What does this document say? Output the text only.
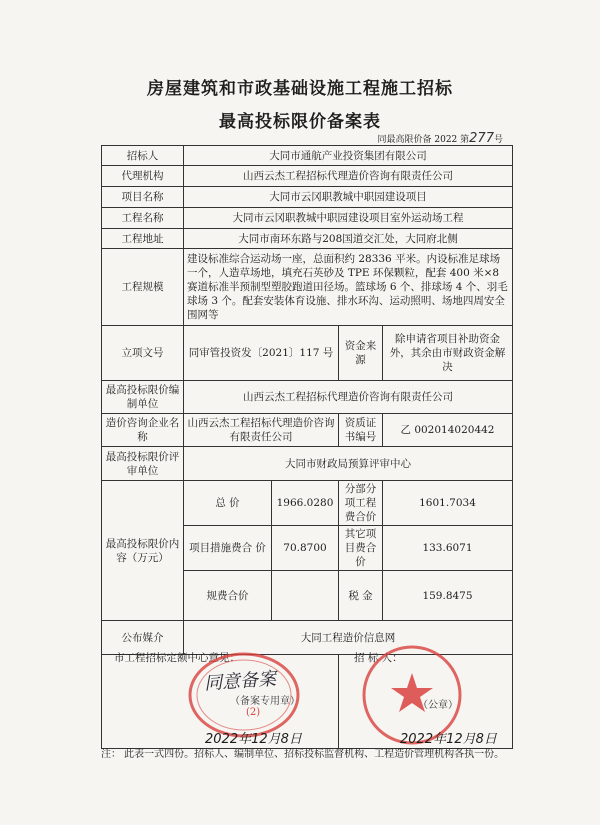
房屋建筑和市政基础设施工程施工招标
最高投标限价备案表
同最高限价备 2022 第277号
招标人	大同市通航产业投资集团有限公司			
代理机构	山西云杰工程招标代理造价咨询有限责任公司			
项目名称	大同市云冈职教城中职园建设项目			
工程名称	大同市云冈职教城中职园建设项目室外运动场工程			
工程地址	大同市南环东路与208国道交汇处，大同府北侧			
工程规模	建设标准综合运动场一座，总面积约 28336 平米。内设标准足球场一个，人造草场地，填充石英砂及 TPE 环保颗粒，配套 400 米×8 赛道标准半预制型塑胶跑道田径场。篮球场 6 个、排球场 4 个、羽毛球场 3 个。配套安装体育设施、排水环沟、运动照明、场地四周安全围网等			
立项文号	同审管投资发〔2021〕117 号		资金来源	除申请省项目补助资金外，其余由市财政资金解决
最高投标限价编制单位	山西云杰工程招标代理造价咨询有限责任公司			
造价咨询企业名称	山西云杰工程招标代理造价咨询有限责任公司		资质证书编号	乙 002014020442
最高投标限价评审单位	大同市财政局预算评审中心			
最高投标限价内容（万元）	总 价	1966.0280	分部分项工程费合价	1601.7034
	项目措施费合 价	70.8700	其它项目费合 价	133.6071
	规费合价		税 金	159.8475
公布媒介	大同工程造价信息网			

市工程招标定额中心意见：	招 标 人：
同意备案
（备案专用章）
(2)
（公章）
2022年12月8日	2022年12月8日
注： 此表一式四份。招标人、编制单位、招标投标监督机构、工程造价管理机构各执一份。
